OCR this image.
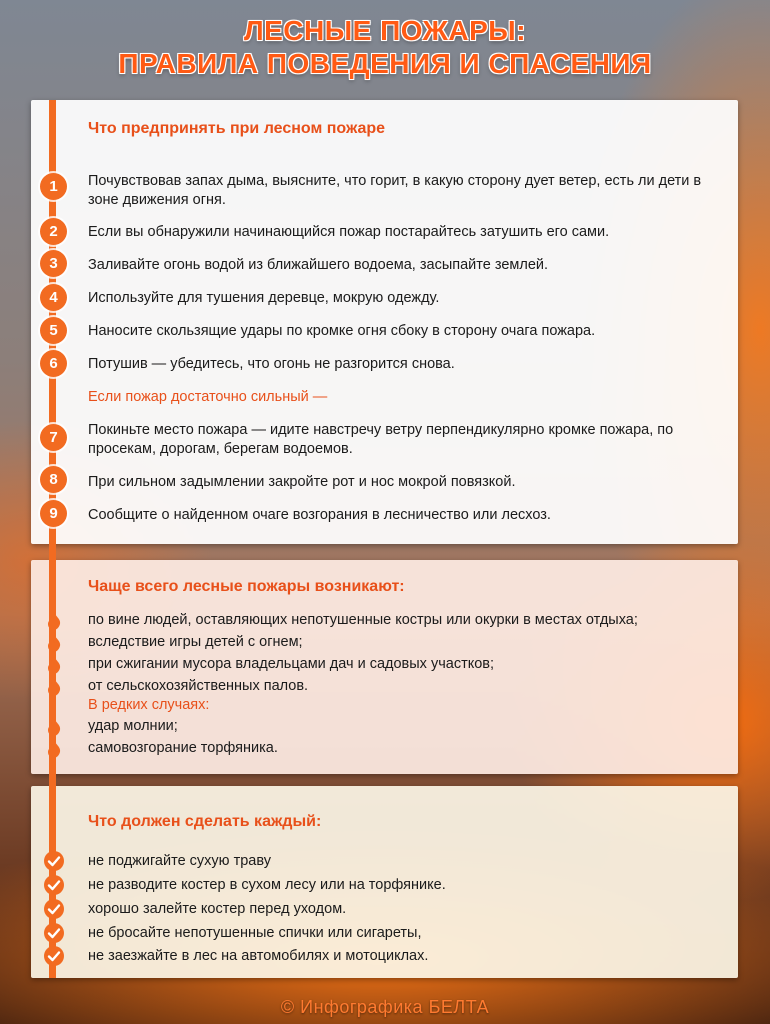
ЛЕСНЫЕ ПОЖАРЫ:
ПРАВИЛА ПОВЕДЕНИЯ И СПАСЕНИЯ
Что предпринять при лесном пожаре
1	Почувствовав запах дыма, выясните, что горит, в какую сторону дует ветер, есть ли дети в зоне движения огня.
2	Если вы обнаружили начинающийся пожар постарайтесь затушить его сами.
3	Заливайте огонь водой из ближайшего водоема, засыпайте землей.
4	Используйте для тушения деревце, мокрую одежду.
5	Наносите скользящие удары по кромке огня сбоку в сторону очага пожара.
6	Потушив — убедитесь, что огонь не разгорится снова.
Если пожар достаточно сильный —
7	Покиньте место пожара — идите навстречу ветру перпендикулярно кромке пожара, по просекам, дорогам, берегам водоемов.
8	При сильном задымлении закройте рот и нос мокрой повязкой.
9	Сообщите о найденном очаге возгорания в лесничество или лесхоз.
Чаще всего лесные пожары возникают:
по вине людей, оставляющих непотушенные костры или окурки в местах отдыха;
вследствие игры детей с огнем;
при сжигании мусора владельцами дач и садовых участков;
от сельскохозяйственных палов.
В редких случаях:
удар молнии;
самовозгорание торфяника.
Что должен сделать каждый:
не поджигайте сухую траву
не разводите костер в сухом лесу или на торфянике.
хорошо залейте костер перед уходом.
не бросайте непотушенные спички или сигареты,
не заезжайте в лес на автомобилях и мотоциклах.
© Инфографика БЕЛТА
